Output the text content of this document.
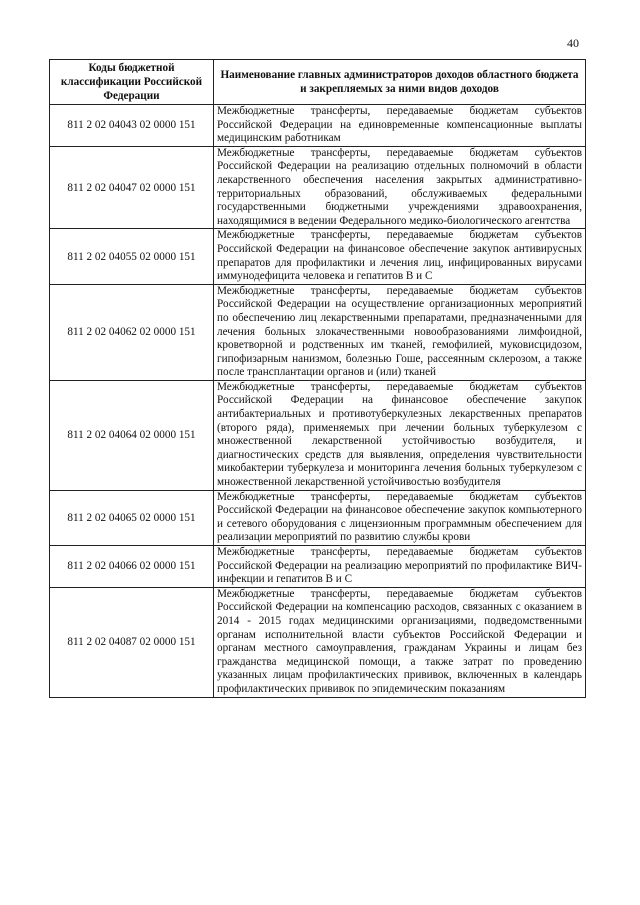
40
Коды бюджетной классификации Российской Федерации	Наименование главных администраторов доходов областного бюджета и закрепляемых за ними видов доходов
811 2 02 04043 02 0000 151	Межбюджетные трансферты, передаваемые бюджетам субъектов Российской Федерации на единовременные компенсационные выплаты медицинским работникам
811 2 02 04047 02 0000 151	Межбюджетные трансферты, передаваемые бюджетам субъектов Российской Федерации на реализацию отдельных полномочий в области лекарственного обеспечения населения закрытых административно-территориальных образований, обслуживаемых федеральными государственными бюджетными учреждениями здравоохранения, находящимися в ведении Федерального медико-биологического агентства
811 2 02 04055 02 0000 151	Межбюджетные трансферты, передаваемые бюджетам субъектов Российской Федерации на финансовое обеспечение закупок антивирусных препаратов для профилактики и лечения лиц, инфицированных вирусами иммунодефицита человека и гепатитов В и С
811 2 02 04062 02 0000 151	Межбюджетные трансферты, передаваемые бюджетам субъектов Российской Федерации на осуществление организационных мероприятий по обеспечению лиц лекарственными препаратами, предназначенными для лечения больных злокачественными новообразованиями лимфоидной, кроветворной и родственных им тканей, гемофилией, муковисцидозом, гипофизарным нанизмом, болезнью Гоше, рассеянным склерозом, а также после трансплантации органов и (или) тканей
811 2 02 04064 02 0000 151	Межбюджетные трансферты, передаваемые бюджетам субъектов Российской Федерации на финансовое обеспечение закупок антибактериальных и противотуберкулезных лекарственных препаратов (второго ряда), применяемых при лечении больных туберкулезом с множественной лекарственной устойчивостью возбудителя, и диагностических средств для выявления, определения чувствительности микобактерии туберкулеза и мониторинга лечения больных туберкулезом с множественной лекарственной устойчивостью возбудителя
811 2 02 04065 02 0000 151	Межбюджетные трансферты, передаваемые бюджетам субъектов Российской Федерации на финансовое обеспечение закупок компьютерного и сетевого оборудования с лицензионным программным обеспечением для реализации мероприятий по развитию службы крови
811 2 02 04066 02 0000 151	Межбюджетные трансферты, передаваемые бюджетам субъектов Российской Федерации на реализацию мероприятий по профилактике ВИЧ-инфекции и гепатитов В и С
811 2 02 04087 02 0000 151	Межбюджетные трансферты, передаваемые бюджетам субъектов Российской Федерации на компенсацию расходов, связанных с оказанием в 2014 - 2015 годах медицинскими организациями, подведомственными органам исполнительной власти субъектов Российской Федерации и органам местного самоуправления, гражданам Украины и лицам без гражданства медицинской помощи, а также затрат по проведению указанных лицам профилактических прививок, включенных в календарь профилактических прививок по эпидемическим показаниям
